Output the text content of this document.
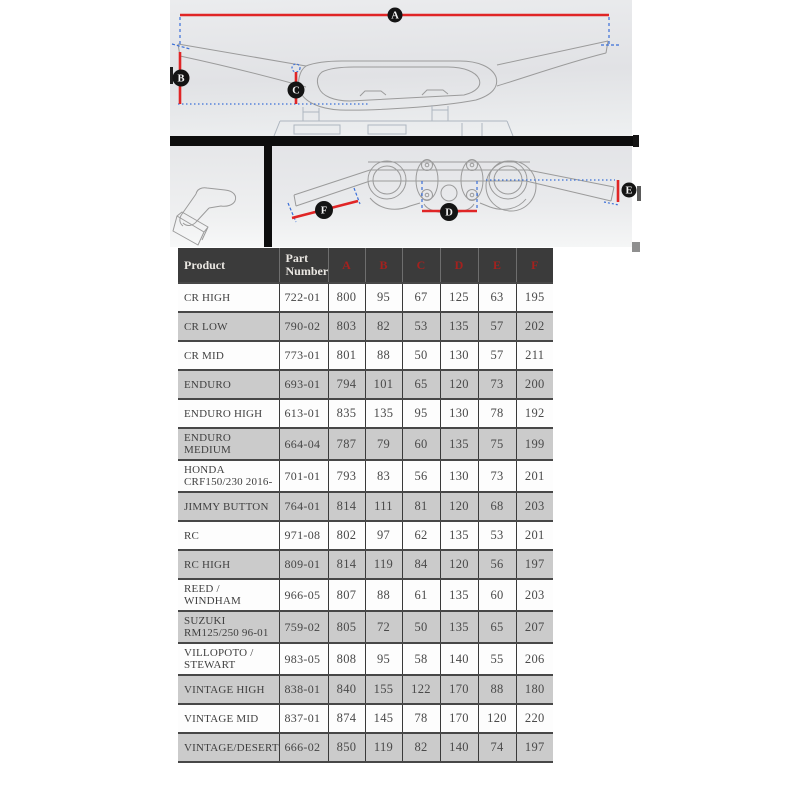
A
B
C
D
E
F
Product	Part Number	A	B	C	D	E	F
CR HIGH	722-01	800	95	67	125	63	195
CR LOW	790-02	803	82	53	135	57	202
CR MID	773-01	801	88	50	130	57	211
ENDURO	693-01	794	101	65	120	73	200
ENDURO HIGH	613-01	835	135	95	130	78	192
ENDURO MEDIUM	664-04	787	79	60	135	75	199
HONDA CRF150/230 2016-	701-01	793	83	56	130	73	201
JIMMY BUTTON	764-01	814	111	81	120	68	203
RC	971-08	802	97	62	135	53	201
RC HIGH	809-01	814	119	84	120	56	197
REED / WINDHAM	966-05	807	88	61	135	60	203
SUZUKI RM125/250 96-01	759-02	805	72	50	135	65	207
VILLOPOTO / STEWART	983-05	808	95	58	140	55	206
VINTAGE HIGH	838-01	840	155	122	170	88	180
VINTAGE MID	837-01	874	145	78	170	120	220
VINTAGE/DESERT	666-02	850	119	82	140	74	197
